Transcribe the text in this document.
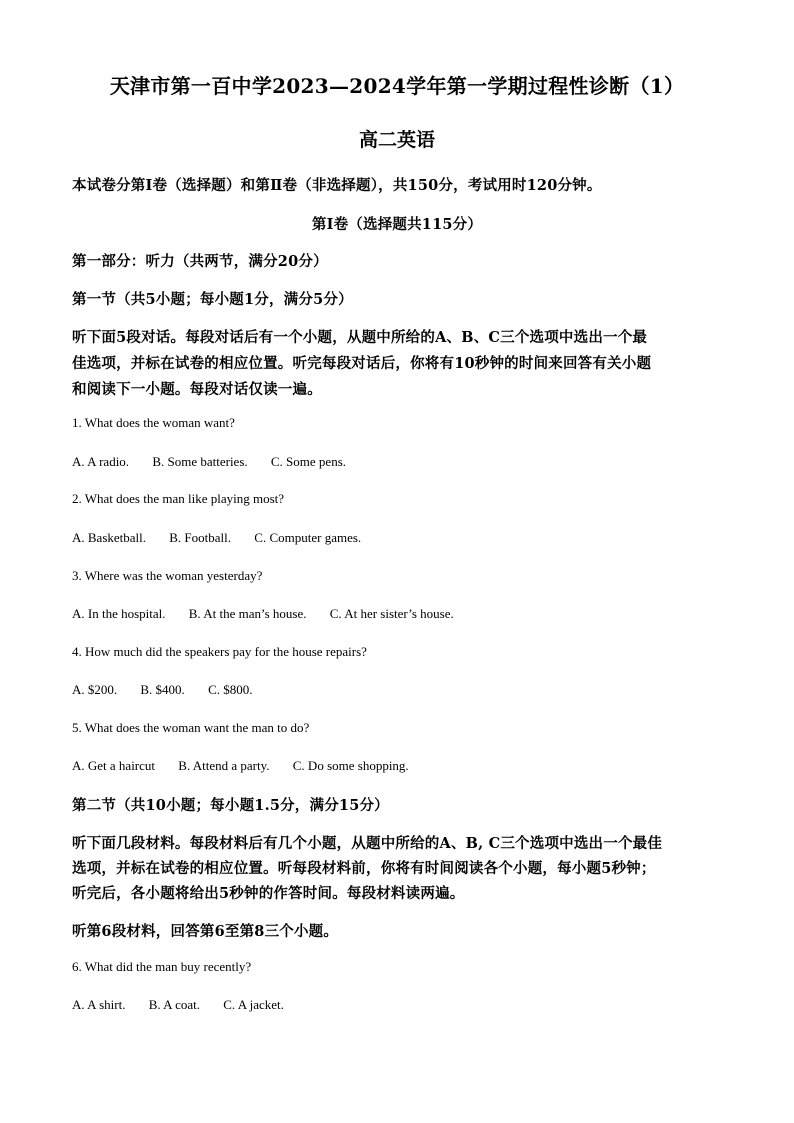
天津市第一百中学2023—2024学年第一学期过程性诊断（1）
高二英语
本试卷分第Ⅰ卷（选择题）和第Ⅱ卷（非选择题），共150分，考试用时120分钟。
第Ⅰ卷（选择题共115分）
第一部分：听力（共两节，满分20分）
第一节（共5小题；每小题1分，满分5分）
听下面5段对话。每段对话后有一个小题，从题中所给的A、B、C三个选项中选出一个最
佳选项，并标在试卷的相应位置。听完每段对话后，你将有10秒钟的时间来回答有关小题
和阅读下一小题。每段对话仅读一遍。
1. What does the woman want?
A. A radio. B. Some batteries. C. Some pens.
2. What does the man like playing most?
A. Basketball. B. Football. C. Computer games.
3. Where was the woman yesterday?
A. In the hospital. B. At the man’s house. C. At her sister’s house.
4. How much did the speakers pay for the house repairs?
A. $200. B. $400. C. $800.
5. What does the woman want the man to do?
A. Get a haircut B. Attend a party. C. Do some shopping.
第二节（共10小题；每小题1.5分，满分15分）
听下面几段材料。每段材料后有几个小题，从题中所给的A、B, C三个选项中选出一个最佳
选项，并标在试卷的相应位置。听每段材料前，你将有时间阅读各个小题，每小题5秒钟；
听完后，各小题将给出5秒钟的作答时间。每段材料读两遍。
听第6段材料，回答第6至第8三个小题。
6. What did the man buy recently?
A. A shirt. B. A coat. C. A jacket.
